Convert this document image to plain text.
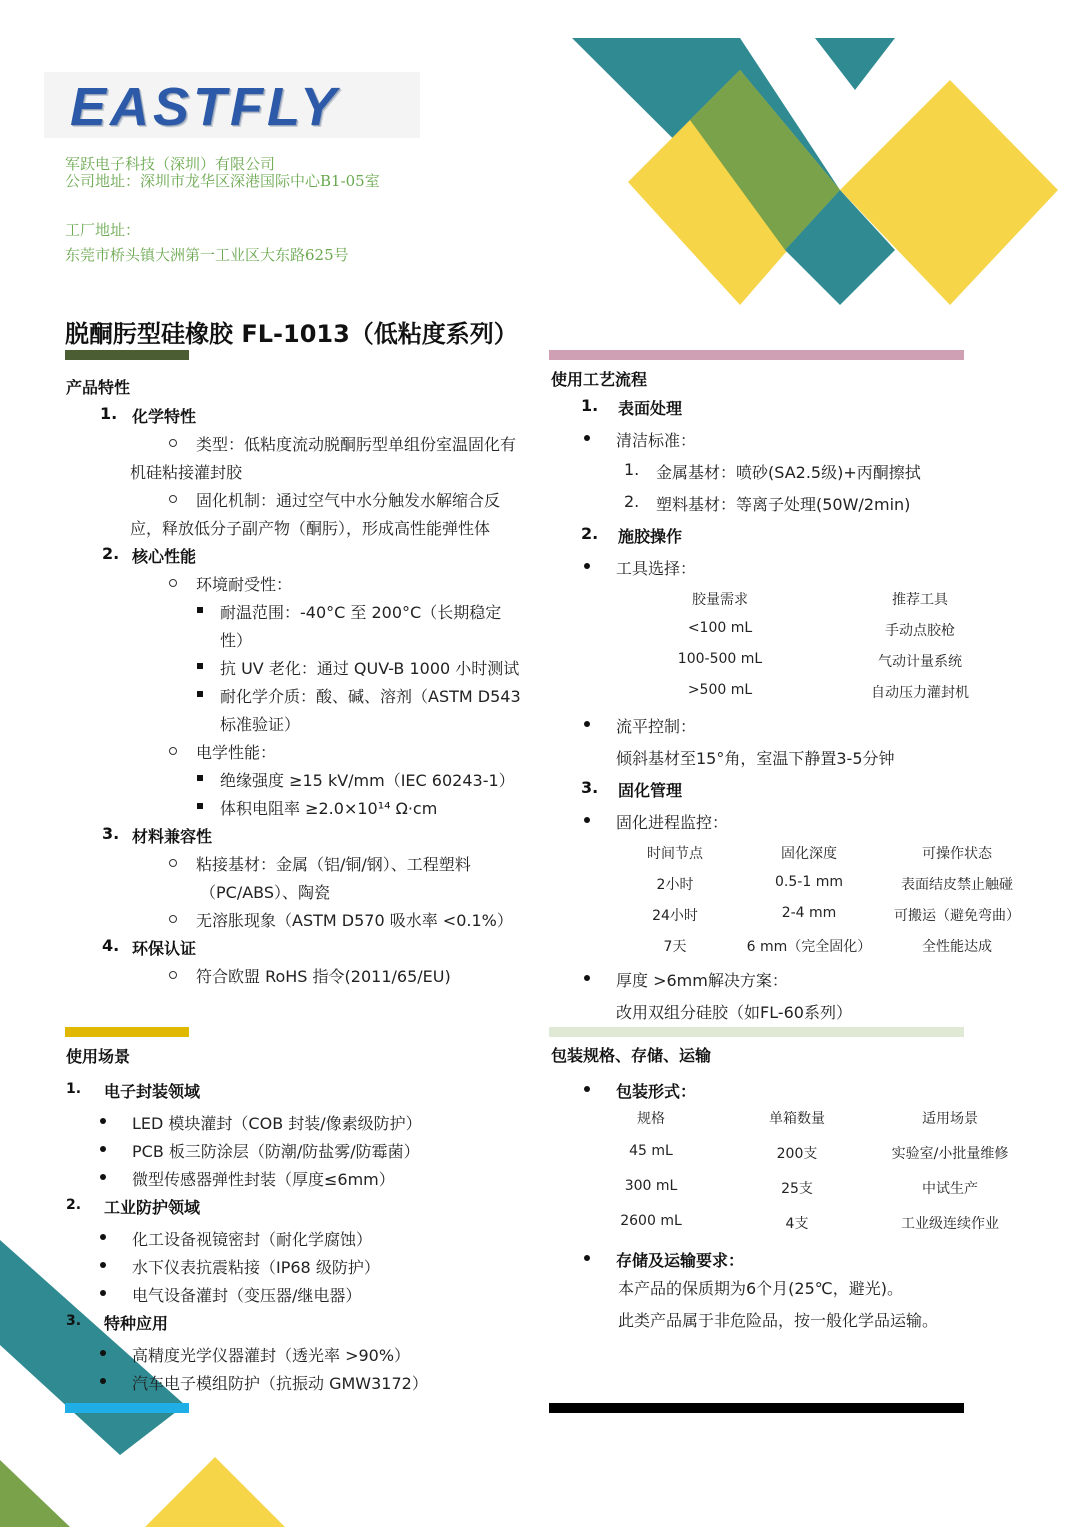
EASTFLY
军跃电子科技（深圳）有限公司
公司地址：深圳市龙华区深港国际中心B1-05室
工厂地址：
东莞市桥头镇大洲第一工业区大东路625号
脱酮肟型硅橡胶 FL-1013（低粘度系列）
产品特性
1. 化学特性
类型：低粘度流动脱酮肟型单组份室温固化有
机硅粘接灌封胶
固化机制：通过空气中水分触发水解缩合反
应，释放低分子副产物（酮肟），形成高性能弹性体
2. 核心性能
环境耐受性：
耐温范围：-40°C 至 200°C（长期稳定
性）
抗 UV 老化：通过 QUV-B 1000 小时测试
耐化学介质：酸、碱、溶剂（ASTM D543
标准验证）
电学性能：
绝缘强度 ≥15 kV/mm（IEC 60243-1）
体积电阻率 ≥2.0×10¹⁴ Ω·cm
3. 材料兼容性
粘接基材：金属（铝/铜/钢）、工程塑料
（PC/ABS）、陶瓷
无溶胀现象（ASTM D570 吸水率 <0.1%）
4. 环保认证
符合欧盟 RoHS 指令(2011/65/EU)
使用场景
1. 电子封装领域
LED 模块灌封（COB 封装/像素级防护）
PCB 板三防涂层（防潮/防盐雾/防霉菌）
微型传感器弹性封装（厚度≤6mm）
2. 工业防护领域
化工设备视镜密封（耐化学腐蚀）
水下仪表抗震粘接（IP68 级防护）
电气设备灌封（变压器/继电器）
3. 特种应用
高精度光学仪器灌封（透光率 >90%）
汽车电子模组防护（抗振动 GMW3172）
使用工艺流程
1. 表面处理
清洁标准：
1. 金属基材：喷砂(SA2.5级)+丙酮擦拭
2. 塑料基材：等离子处理(50W/2min)
2. 施胶操作
工具选择：
胶量需求	推荐工具
<100 mL	手动点胶枪
100-500 mL	气动计量系统
>500 mL	自动压力灌封机
流平控制：
倾斜基材至15°角，室温下静置3-5分钟
3. 固化管理
固化进程监控：
时间节点	固化深度	可操作状态
2小时	0.5-1 mm	表面结皮禁止触碰
24小时	2-4 mm	可搬运（避免弯曲）
7天	6 mm（完全固化）	全性能达成
厚度 >6mm解决方案：
改用双组分硅胶（如FL-60系列）
包装规格、存储、运输
包装形式：
规格	单箱数量	适用场景
45 mL	200支	实验室/小批量维修
300 mL	25支	中试生产
2600 mL	4支	工业级连续作业
存储及运输要求：
本产品的保质期为6个月(25℃，避光)。
此类产品属于非危险品，按一般化学品运输。
